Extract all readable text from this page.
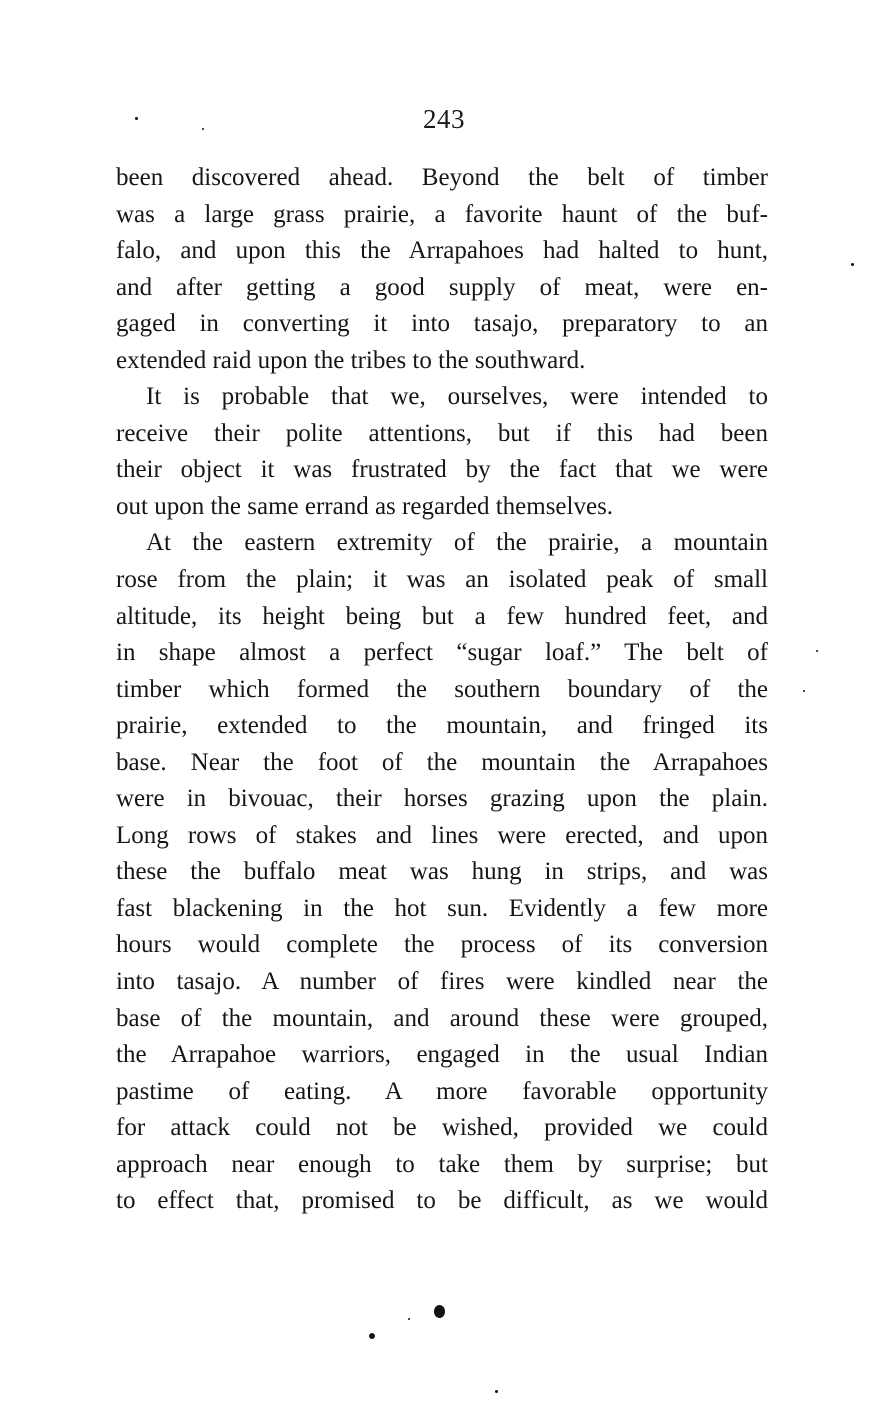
243
been discovered ahead. Beyond the belt of timber
was a large grass prairie, a favorite haunt of the buf-
falo, and upon this the Arrapahoes had halted to hunt,
and after getting a good supply of meat, were en-
gaged in converting it into tasajo, preparatory to an
extended raid upon the tribes to the southward.
It is probable that we, ourselves, were intended to
receive their polite attentions, but if this had been
their object it was frustrated by the fact that we were
out upon the same errand as regarded themselves.
At the eastern extremity of the prairie, a mountain
rose from the plain; it was an isolated peak of small
altitude, its height being but a few hundred feet, and
in shape almost a perfect “sugar loaf.” The belt of
timber which formed the southern boundary of the
prairie, extended to the mountain, and fringed its
base. Near the foot of the mountain the Arrapahoes
were in bivouac, their horses grazing upon the plain.
Long rows of stakes and lines were erected, and upon
these the buffalo meat was hung in strips, and was
fast blackening in the hot sun. Evidently a few more
hours would complete the process of its conversion
into tasajo. A number of fires were kindled near the
base of the mountain, and around these were grouped,
the Arrapahoe warriors, engaged in the usual Indian
pastime of eating. A more favorable opportunity
for attack could not be wished, provided we could
approach near enough to take them by surprise; but
to effect that, promised to be difficult, as we would
